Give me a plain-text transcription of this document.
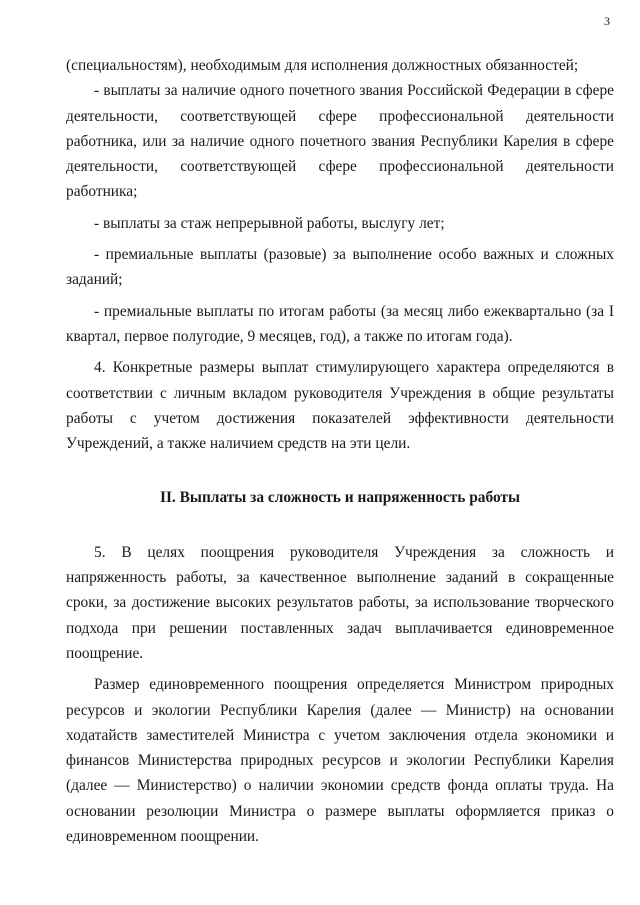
3

(специальностям), необходимым для исполнения должностных обязанностей;

- выплаты за наличие одного почетного звания Российской Федерации в сфере деятельности, соответствующей сфере профессиональной деятельности работника, или за наличие одного почетного звания Республики Карелия в сфере деятельности, соответствующей сфере профессиональной деятельности работника;

- выплаты за стаж непрерывной работы, выслугу лет;

- премиальные выплаты (разовые) за выполнение особо важных и сложных заданий;

- премиальные выплаты по итогам работы (за месяц либо ежеквартально (за I квартал, первое полугодие, 9 месяцев, год), а также по итогам года).

4. Конкретные размеры выплат стимулирующего характера определяются в соответствии с личным вкладом руководителя Учреждения в общие результаты работы с учетом достижения показателей эффективности деятельности Учреждений, а также наличием средств на эти цели.

II. Выплаты за сложность и напряженность работы

5. В целях поощрения руководителя Учреждения за сложность и напряженность работы, за качественное выполнение заданий в сокращенные сроки, за достижение высоких результатов работы, за использование творческого подхода при решении поставленных задач выплачивается единовременное поощрение.

Размер единовременного поощрения определяется Министром природных ресурсов и экологии Республики Карелия (далее — Министр) на основании ходатайств заместителей Министра с учетом заключения отдела экономики и финансов Министерства природных ресурсов и экологии Республики Карелия (далее — Министерство) о наличии экономии средств фонда оплаты труда. На основании резолюции Министра о размере выплаты оформляется приказ о единовременном поощрении.
